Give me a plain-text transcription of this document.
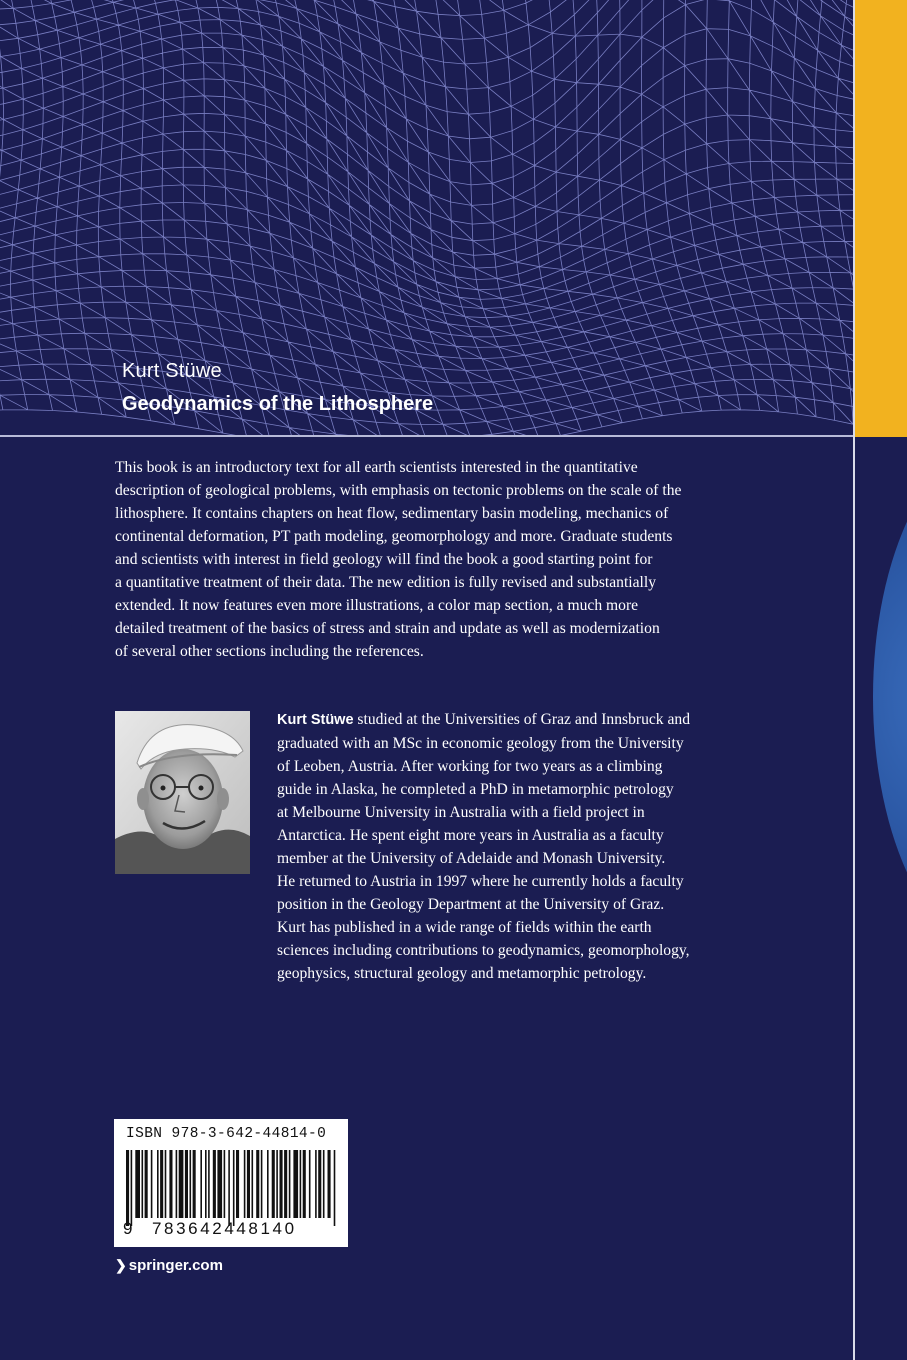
Kurt Stüwe
Geodynamics of the Lithosphere

This book is an introductory text for all earth scientists interested in the quantitative

description of geological problems, with emphasis on tectonic problems on the scale of the

lithosphere. It contains chapters on heat flow, sedimentary basin modeling, mechanics of

continental deformation, PT path modeling, geomorphology and more. Graduate students

and scientists with interest in field geology will find the book a good starting point for

a quantitative treatment of their data. The new edition is fully revised and substantially

extended. It now features even more illustrations, a color map section, a much more

detailed treatment of the basics of stress and strain and update as well as modernization

of several other sections including the references.

Kurt Stüwe studied at the Universities of Graz and Innsbruck and

graduated with an MSc in economic geology from the University

of Leoben, Austria. After working for two years as a climbing

guide in Alaska, he completed a PhD in metamorphic petrology

at Melbourne University in Australia with a field project in

Antarctica. He spent eight more years in Australia as a faculty

member at the University of Adelaide and Monash University.

He returned to Austria in 1997 where he currently holds a faculty

position in the Geology Department at the University of Graz.

Kurt has published in a wide range of fields within the earth

sciences including contributions to geodynamics, geomorphology,

geophysics, structural geology and metamorphic petrology.

ISBN 978-3-642-44814-0
9 783642448140
❯ springer.com
